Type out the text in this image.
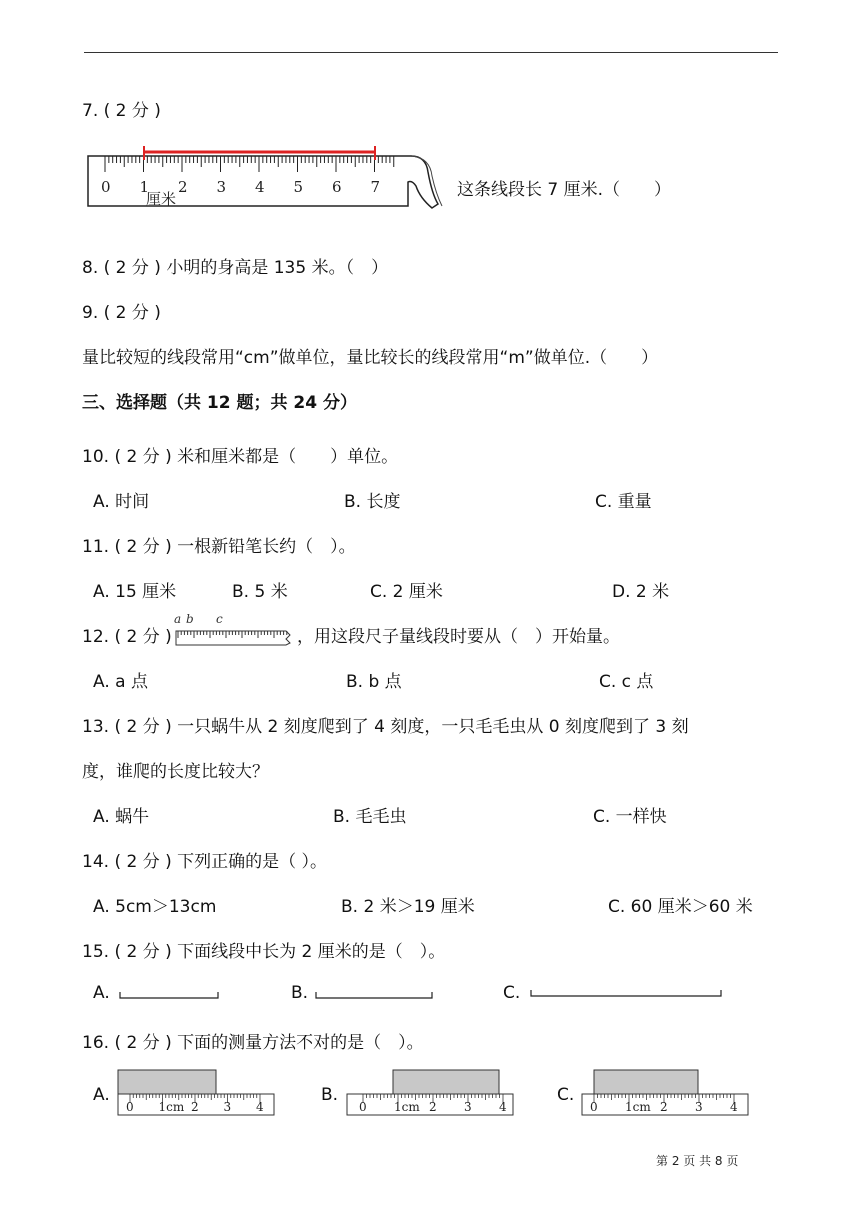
7. ( 2 分 )
0 1 2 3 4 5 6 7
厘米	这条线段长 7 厘米.（　　）
8. ( 2 分 ) 小明的身高是 135 米。（　）
9. ( 2 分 )
量比较短的线段常用“cm”做单位，量比较长的线段常用“m”做单位.（　　）
三、选择题（共 12 题；共 24 分）
10. ( 2 分 ) 米和厘米都是（　　）单位。
A. 时间	B. 长度	C. 重量
11. ( 2 分 ) 一根新铅笔长约（　）。
A. 15 厘米	B. 5 米	C. 2 厘米	D. 2 米
12. ( 2 分 )
a b c
，用这段尺子量线段时要从（　）开始量。
A. a 点	B. b 点	C. c 点
13. ( 2 分 ) 一只蜗牛从 2 刻度爬到了 4 刻度，一只毛毛虫从 0 刻度爬到了 3 刻
度，谁爬的长度比较大？
A. 蜗牛	B. 毛毛虫	C. 一样快
14. ( 2 分 ) 下列正确的是（ ）。
A. 5cm＞13cm	B. 2 米＞19 厘米	C. 60 厘米＞60 米
15. ( 2 分 ) 下面线段中长为 2 厘米的是（　）。
A.	B.	C.
16. ( 2 分 ) 下面的测量方法不对的是（　）。
A.
0 1cm 2 3 4
B.
0 1cm 2 3 4
C.
0 1cm 2 3 4
第 2 页 共 8 页
